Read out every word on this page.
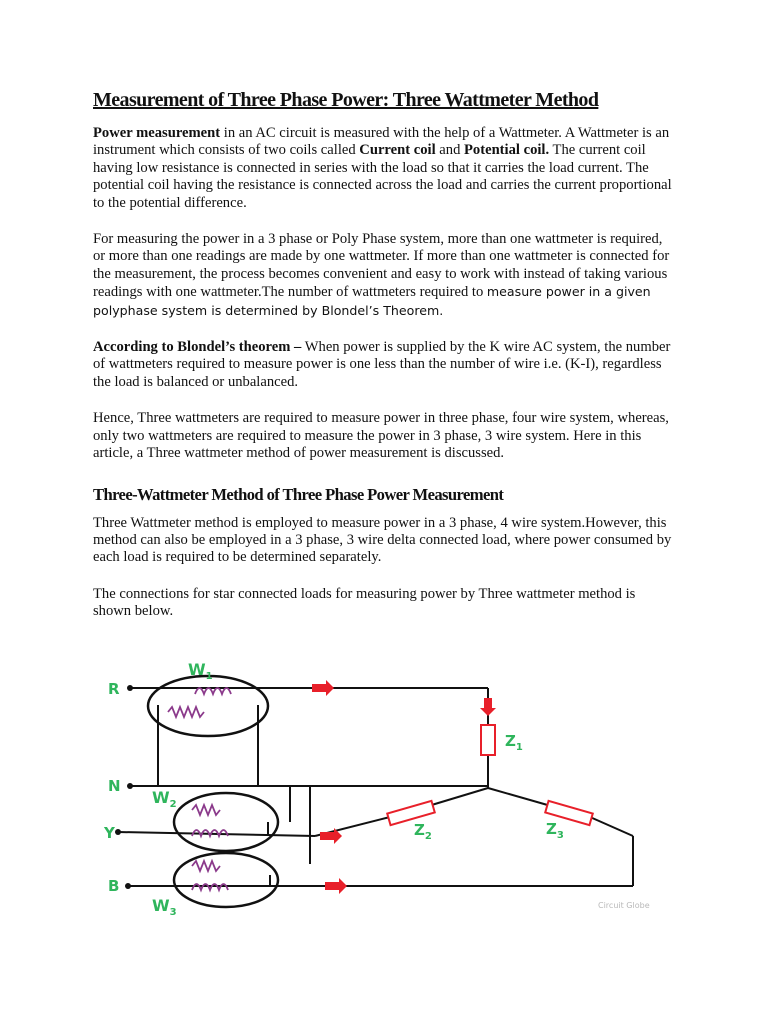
Measurement of Three Phase Power: Three Wattmeter Method

Power measurement in an AC circuit is measured with the help of a Wattmeter. A Wattmeter is an instrument which consists of two coils called Current coil and Potential coil. The current coil having low resistance is connected in series with the load so that it carries the load current. The potential coil having the resistance is connected across the load and carries the current proportional to the potential difference.

For measuring the power in a 3 phase or Poly Phase system, more than one wattmeter is required, or more than one readings are made by one wattmeter. If more than one wattmeter is connected for the measurement, the process becomes convenient and easy to work with instead of taking various readings with one wattmeter.The number of wattmeters required to measure power in a given polyphase system is determined by Blondel’s Theorem.

According to Blondel’s theorem – When power is supplied by the K wire AC system, the number of wattmeters required to measure power is one less than the number of wire i.e. (K-I), regardless the load is balanced or unbalanced.

Hence, Three wattmeters are required to measure power in three phase, four wire system, whereas, only two wattmeters are required to measure the power in 3 phase, 3 wire system. Here in this article, a Three wattmeter method of power measurement is discussed.

Three-Wattmeter Method of Three Phase Power Measurement

Three Wattmeter method is employed to measure power in a 3 phase, 4 wire system.However, this method can also be employed in a 3 phase, 3 wire delta connected load, where power consumed by each load is required to be determined separately.

The connections for star connected loads for measuring power by Three wattmeter method is shown below.

$W_1$
$W_2$
$W_3$
R
N
Y
B
$Z_1$
$Z_2$	$Z_3$
Circuit Globe
